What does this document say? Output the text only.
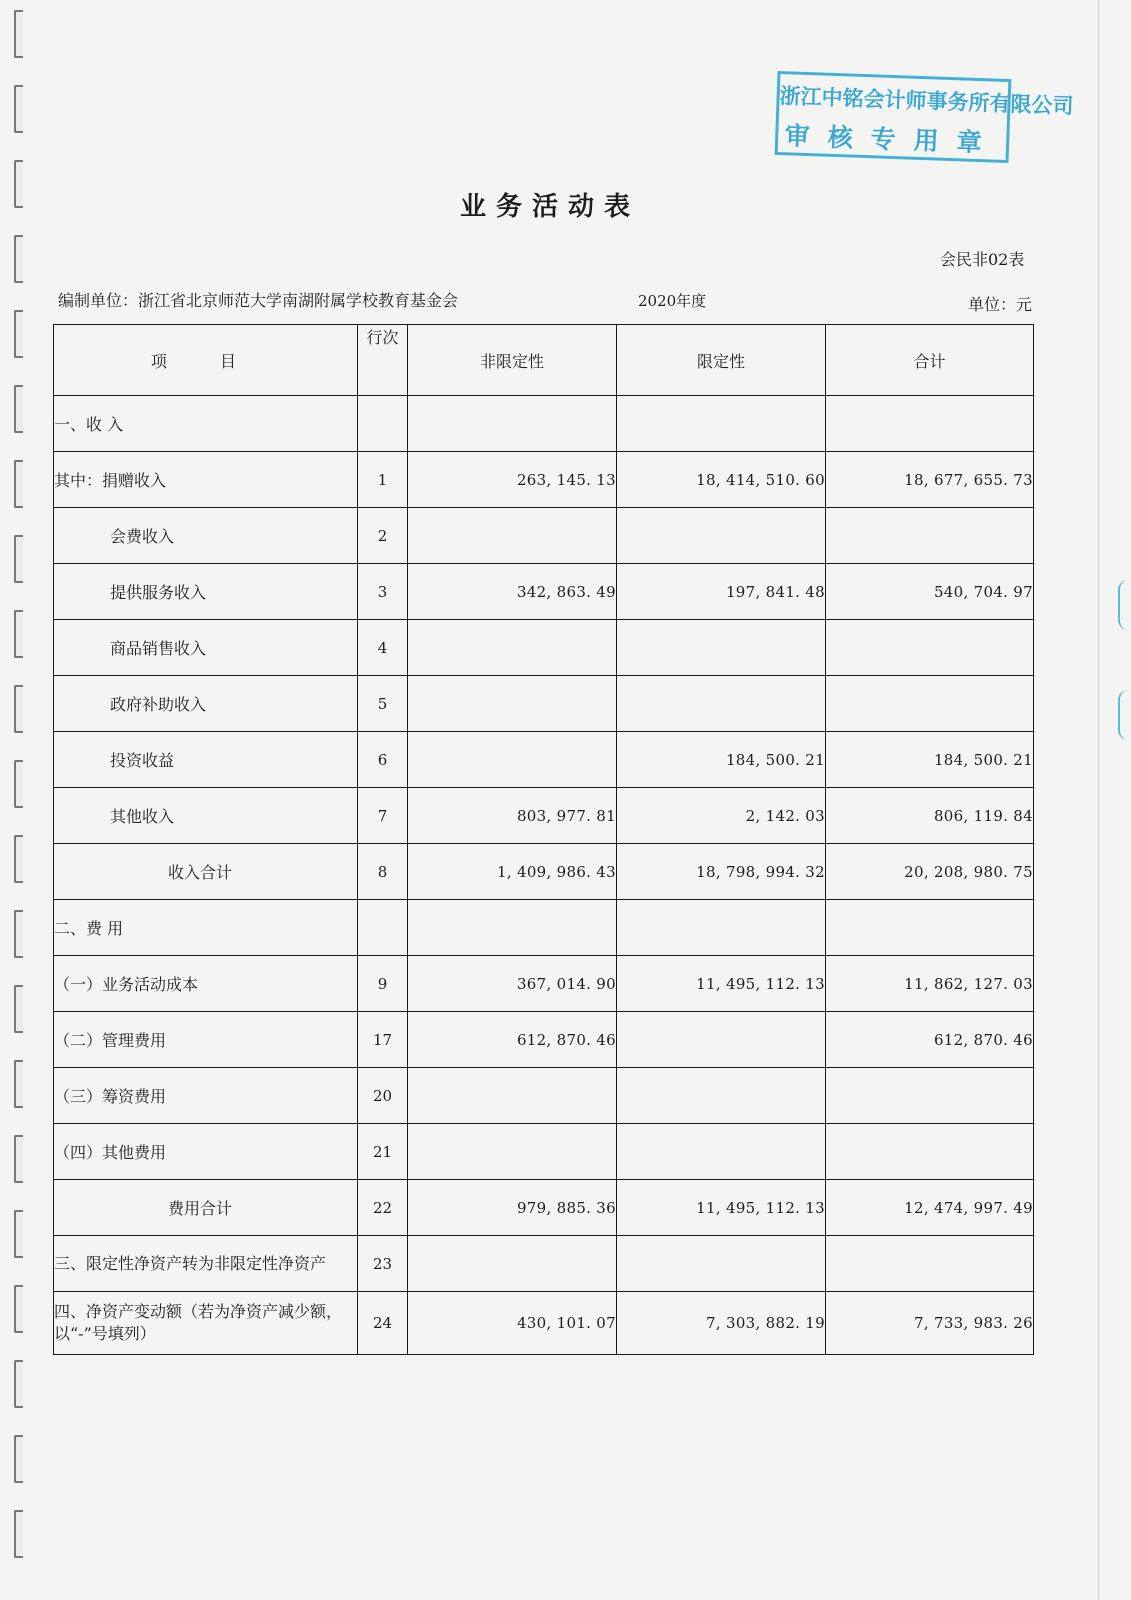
浙江中铭会计师事务所有限公司
审核专用章
业务活动表
会民非02表
编制单位：浙江省北京师范大学南湖附属学校教育基金会	2020年度	单位：元
项 目	行次	非限定性	限定性	合计
一、收 入				
其中：捐赠收入	1	263, 145. 13	18, 414, 510. 60	18, 677, 655. 73
会费收入	2			
提供服务收入	3	342, 863. 49	197, 841. 48	540, 704. 97
商品销售收入	4			
政府补助收入	5			
投资收益	6		184, 500. 21	184, 500. 21
其他收入	7	803, 977. 81	2, 142. 03	806, 119. 84
收入合计	8	1, 409, 986. 43	18, 798, 994. 32	20, 208, 980. 75
二、费 用				
（一）业务活动成本	9	367, 014. 90	11, 495, 112. 13	11, 862, 127. 03
（二）管理费用	17	612, 870. 46		612, 870. 46
（三）筹资费用	20			
（四）其他费用	21			
费用合计	22	979, 885. 36	11, 495, 112. 13	12, 474, 997. 49
三、限定性净资产转为非限定性净资产	23			
四、净资产变动额（若为净资产减少额，以“-”号填列）	24	430, 101. 07	7, 303, 882. 19	7, 733, 983. 26
